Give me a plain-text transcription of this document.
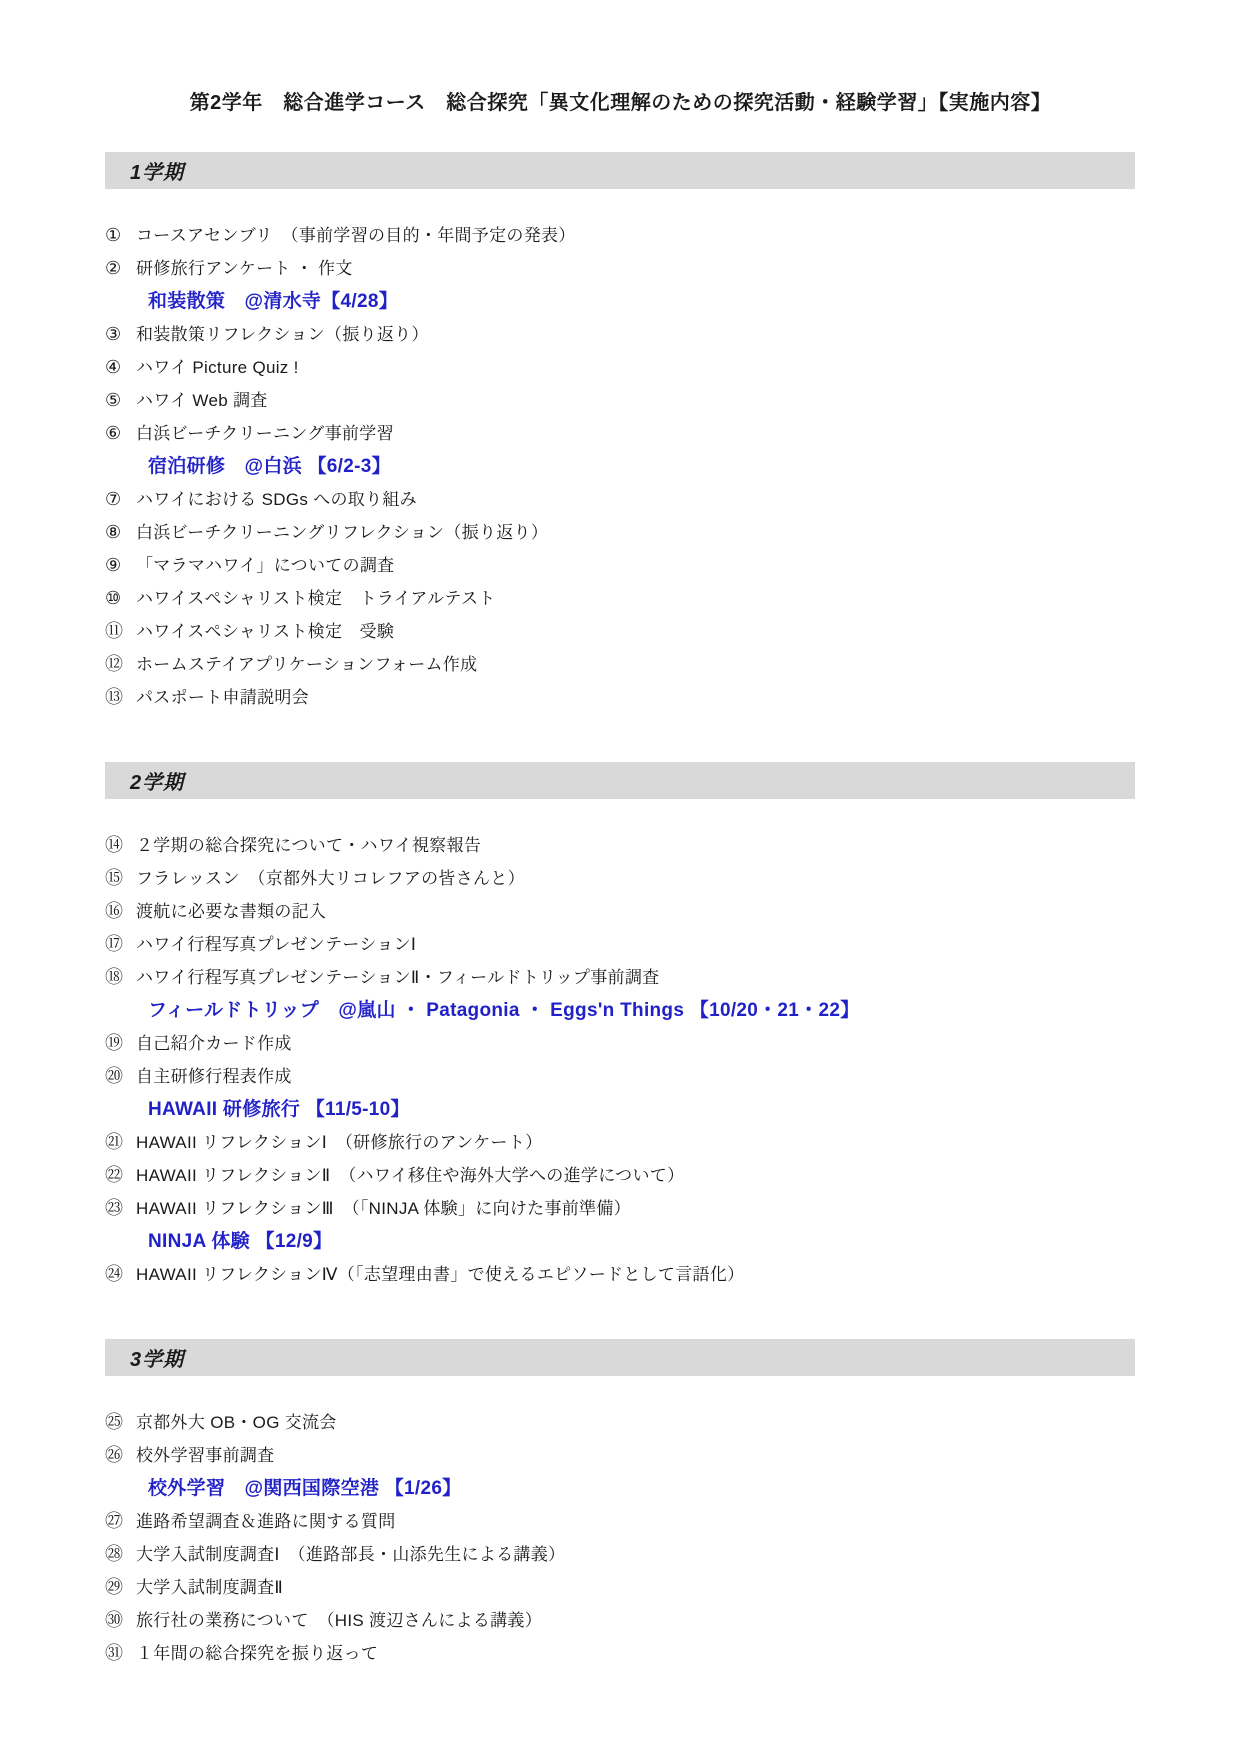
第2学年　総合進学コース　総合探究「異文化理解のための探究活動・経験学習」【実施内容】
1学期
① コースアセンブリ　（事前学習の目的・年間予定の発表）
② 研修旅行アンケート ・ 作文
和装散策　@清水寺【4/28】
③ 和装散策リフレクション（振り返り）
④ ハワイ Picture Quiz !
⑤ ハワイ Web 調査
⑥ 白浜ビーチクリーニング事前学習
宿泊研修　@白浜 【6/2-3】
⑦ ハワイにおける SDGs への取り組み
⑧ 白浜ビーチクリーニングリフレクション（振り返り）
⑨ 「マラマハワイ」についての調査
⑩ ハワイスペシャリスト検定　トライアルテスト
⑪ ハワイスペシャリスト検定　受験
⑫ ホームステイアプリケーションフォーム作成
⑬ パスポート申請説明会
2学期
⑭ ２学期の総合探究について・ハワイ視察報告
⑮ フラレッスン　（京都外大リコレフアの皆さんと）
⑯ 渡航に必要な書類の記入
⑰ ハワイ行程写真プレゼンテーションⅠ
⑱ ハワイ行程写真プレゼンテーションⅡ・フィールドトリップ事前調査
フィールドトリップ　@嵐山 ・ Patagonia ・ Eggs'n Things 【10/20・21・22】
⑲ 自己紹介カード作成
⑳ 自主研修行程表作成
HAWAII 研修旅行 【11/5-10】
㉑ HAWAII リフレクションⅠ　（研修旅行のアンケート）
㉒ HAWAII リフレクションⅡ　（ハワイ移住や海外大学への進学について）
㉓ HAWAII リフレクションⅢ　（「NINJA 体験」に向けた事前準備）
NINJA 体験 【12/9】
㉔ HAWAII リフレクションⅣ（「志望理由書」で使えるエピソードとして言語化）
3学期
㉕ 京都外大 OB・OG 交流会
㉖ 校外学習事前調査
校外学習　@関西国際空港 【1/26】
㉗ 進路希望調査＆進路に関する質問
㉘ 大学入試制度調査Ⅰ　（進路部長・山添先生による講義）
㉙ 大学入試制度調査Ⅱ
㉚ 旅行社の業務について　（HIS 渡辺さんによる講義）
㉛ １年間の総合探究を振り返って
